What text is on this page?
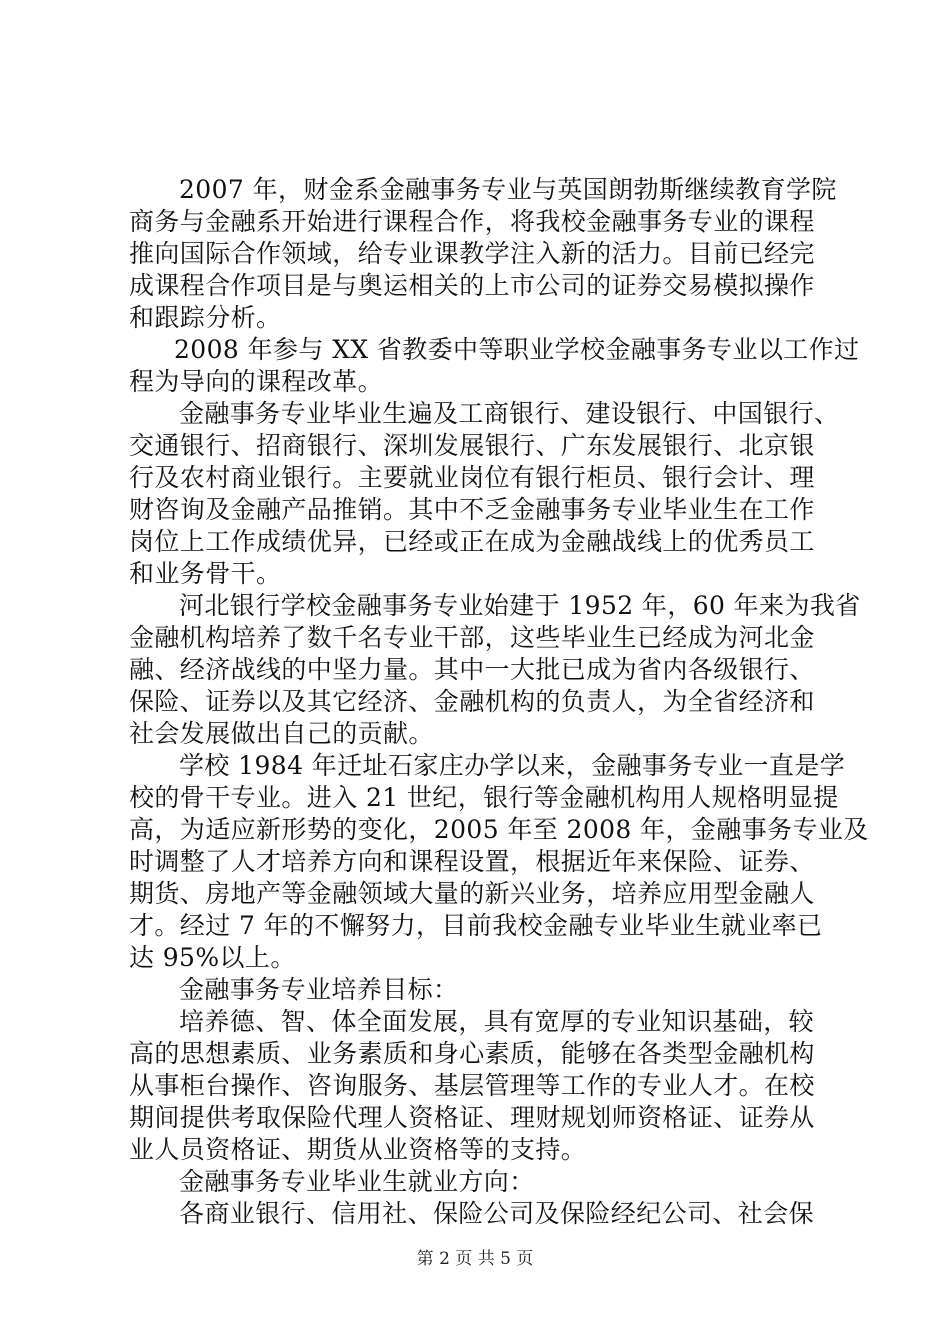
2007 年，财金系金融事务专业与英国朗勃斯继续教育学院
商务与金融系开始进行课程合作，将我校金融事务专业的课程
推向国际合作领域，给专业课教学注入新的活力。目前已经完
成课程合作项目是与奥运相关的上市公司的证券交易模拟操作
和跟踪分析。
2008 年参与 XX 省教委中等职业学校金融事务专业以工作过
程为导向的课程改革。
金融事务专业毕业生遍及工商银行、建设银行、中国银行、
交通银行、招商银行、深圳发展银行、广东发展银行、北京银
行及农村商业银行。主要就业岗位有银行柜员、银行会计、理
财咨询及金融产品推销。其中不乏金融事务专业毕业生在工作
岗位上工作成绩优异，已经或正在成为金融战线上的优秀员工
和业务骨干。
河北银行学校金融事务专业始建于 1952 年，60 年来为我省
金融机构培养了数千名专业干部，这些毕业生已经成为河北金
融、经济战线的中坚力量。其中一大批已成为省内各级银行、
保险、证券以及其它经济、金融机构的负责人，为全省经济和
社会发展做出自己的贡献。
学校 1984 年迁址石家庄办学以来，金融事务专业一直是学
校的骨干专业。进入 21 世纪，银行等金融机构用人规格明显提
高，为适应新形势的变化，2005 年至 2008 年，金融事务专业及
时调整了人才培养方向和课程设置，根据近年来保险、证券、
期货、房地产等金融领域大量的新兴业务，培养应用型金融人
才。经过 7 年的不懈努力，目前我校金融专业毕业生就业率已
达 95%以上。
金融事务专业培养目标：
培养德、智、体全面发展，具有宽厚的专业知识基础，较
高的思想素质、业务素质和身心素质，能够在各类型金融机构
从事柜台操作、咨询服务、基层管理等工作的专业人才。在校
期间提供考取保险代理人资格证、理财规划师资格证、证券从
业人员资格证、期货从业资格等的支持。
金融事务专业毕业生就业方向：
各商业银行、信用社、保险公司及保险经纪公司、社会保
第 2 页 共 5 页
